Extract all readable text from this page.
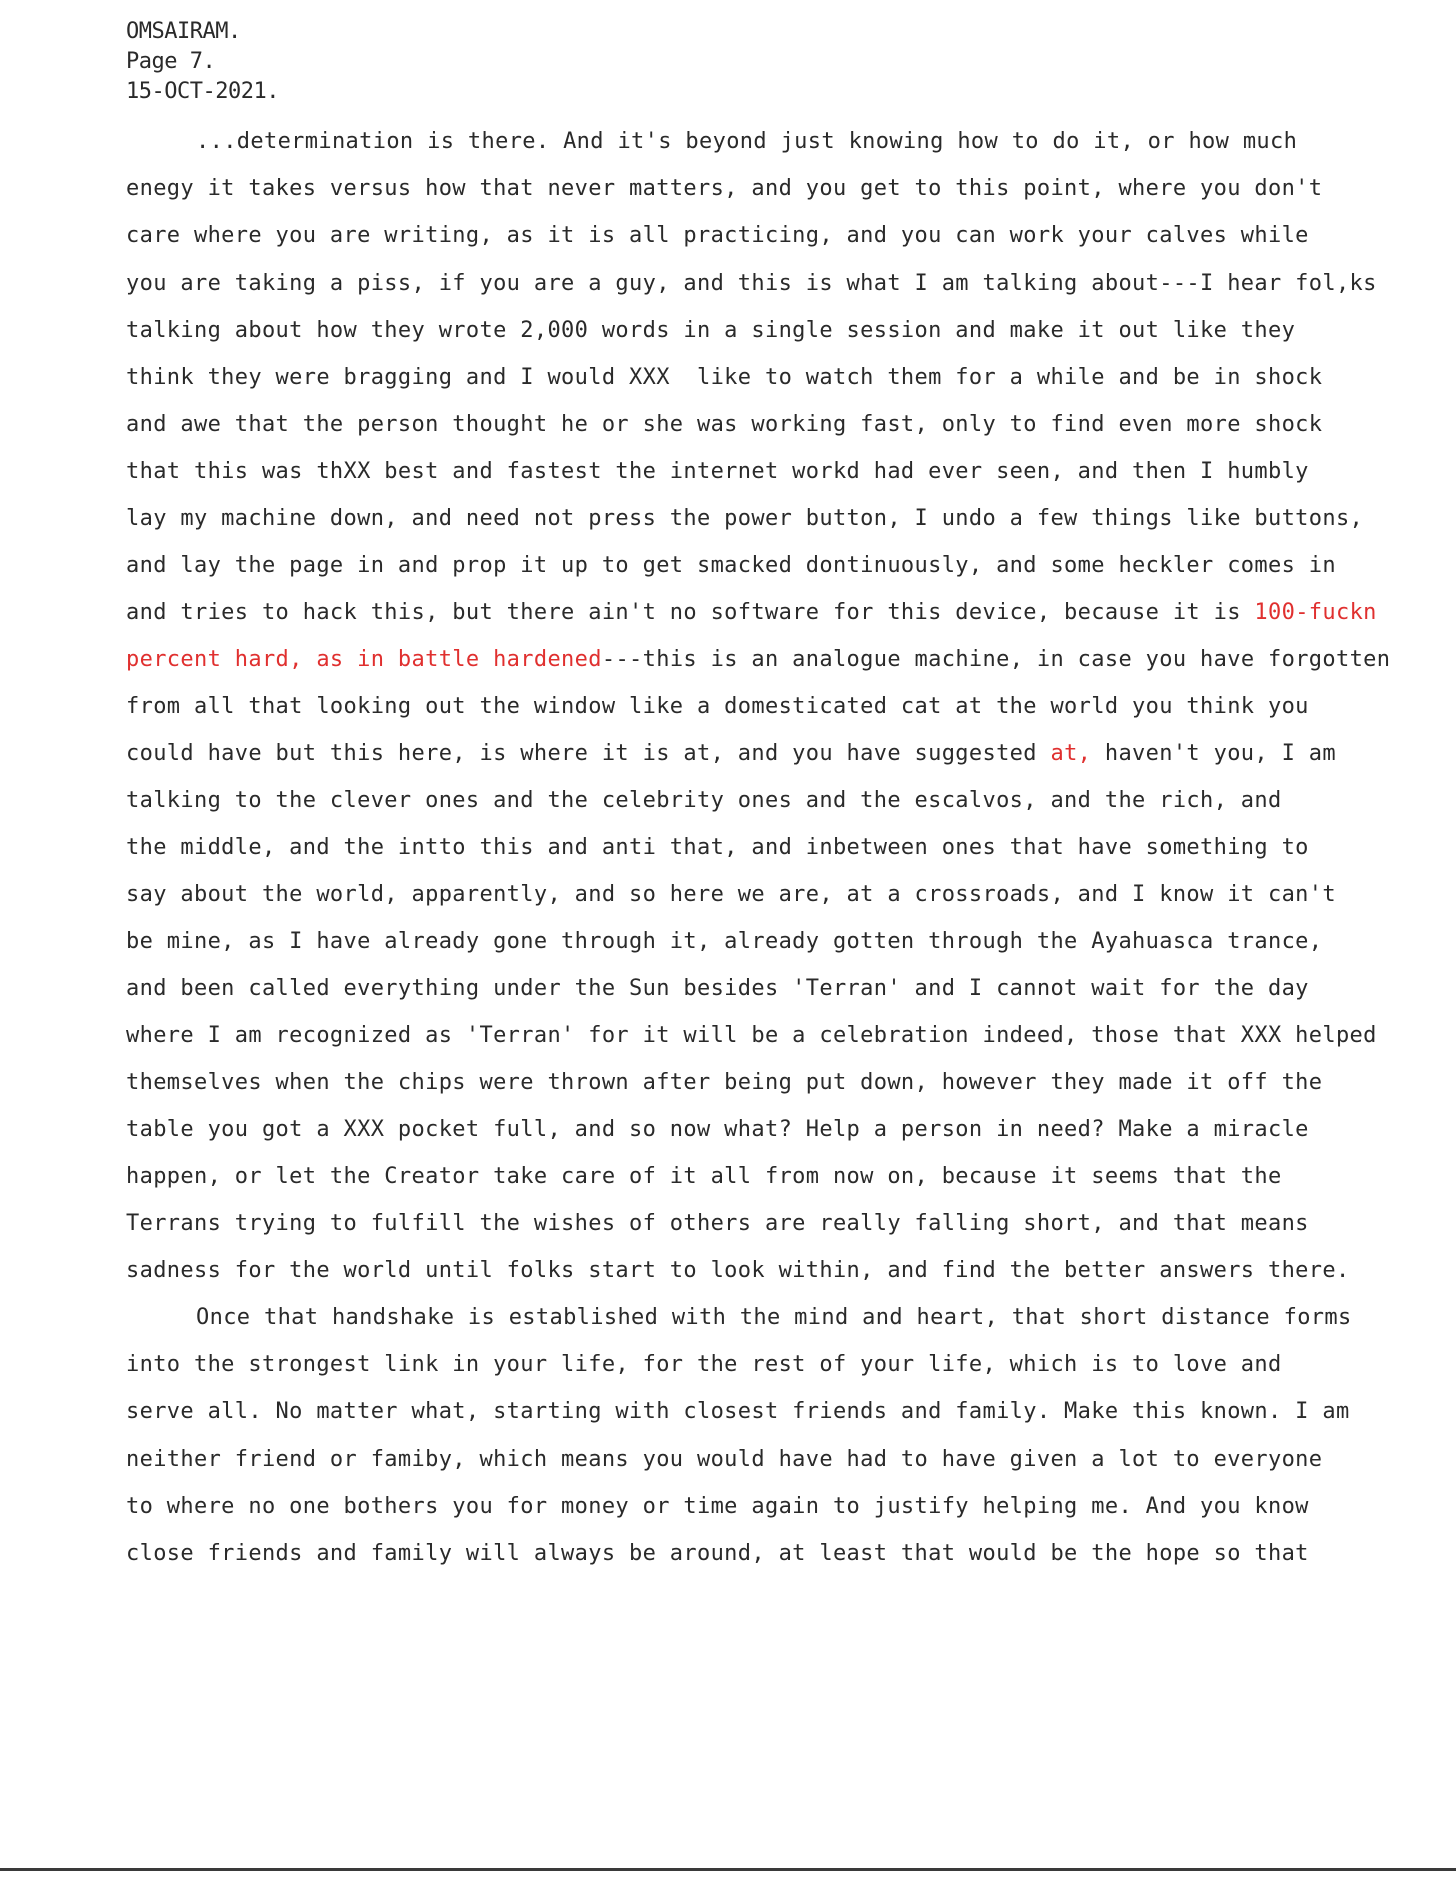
OMSAIRAM.
Page 7.
15-OCT-2021.
...determination is there. And it's beyond just knowing how to do it, or how much
enegy it takes versus how that never matters, and you get to this point, where you don't
care where you are writing, as it is all practicing, and you can work your calves while
you are taking a piss, if you are a guy, and this is what I am talking about---I hear fol,ks
talking about how they wrote 2,000 words in a single session and make it out like they
think they were bragging and I would XXX  like to watch them for a while and be in shock
and awe that the person thought he or she was working fast, only to find even more shock
that this was thXX best and fastest the internet workd had ever seen, and then I humbly
lay my machine down, and need not press the power button, I undo a few things like buttons,
and lay the page in and prop it up to get smacked dontinuously, and some heckler comes in
and tries to hack this, but there ain't no software for this device, because it is 100-fuckn
percent hard, as in battle hardened---this is an analogue machine, in case you have forgotten
from all that looking out the window like a domesticated cat at the world you think you
could have but this here, is where it is at, and you have suggested at, haven't you, I am
talking to the clever ones and the celebrity ones and the escalvos, and the rich, and
the middle, and the intto this and anti that, and inbetween ones that have something to
say about the world, apparently, and so here we are, at a crossroads, and I know it can't
be mine, as I have already gone through it, already gotten through the Ayahuasca trance,
and been called everything under the Sun besides 'Terran' and I cannot wait for the day
where I am recognized as 'Terran' for it will be a celebration indeed, those that XXX helped
themselves when the chips were thrown after being put down, however they made it off the
table you got a XXX pocket full, and so now what? Help a person in need? Make a miracle
happen, or let the Creator take care of it all from now on, because it seems that the
Terrans trying to fulfill the wishes of others are really falling short, and that means
sadness for the world until folks start to look within, and find the better answers there.
Once that handshake is established with the mind and heart, that short distance forms
into the strongest link in your life, for the rest of your life, which is to love and
serve all. No matter what, starting with closest friends and family. Make this known. I am
neither friend or famiby, which means you would have had to have given a lot to everyone
to where no one bothers you for money or time again to justify helping me. And you know
close friends and family will always be around, at least that would be the hope so that
